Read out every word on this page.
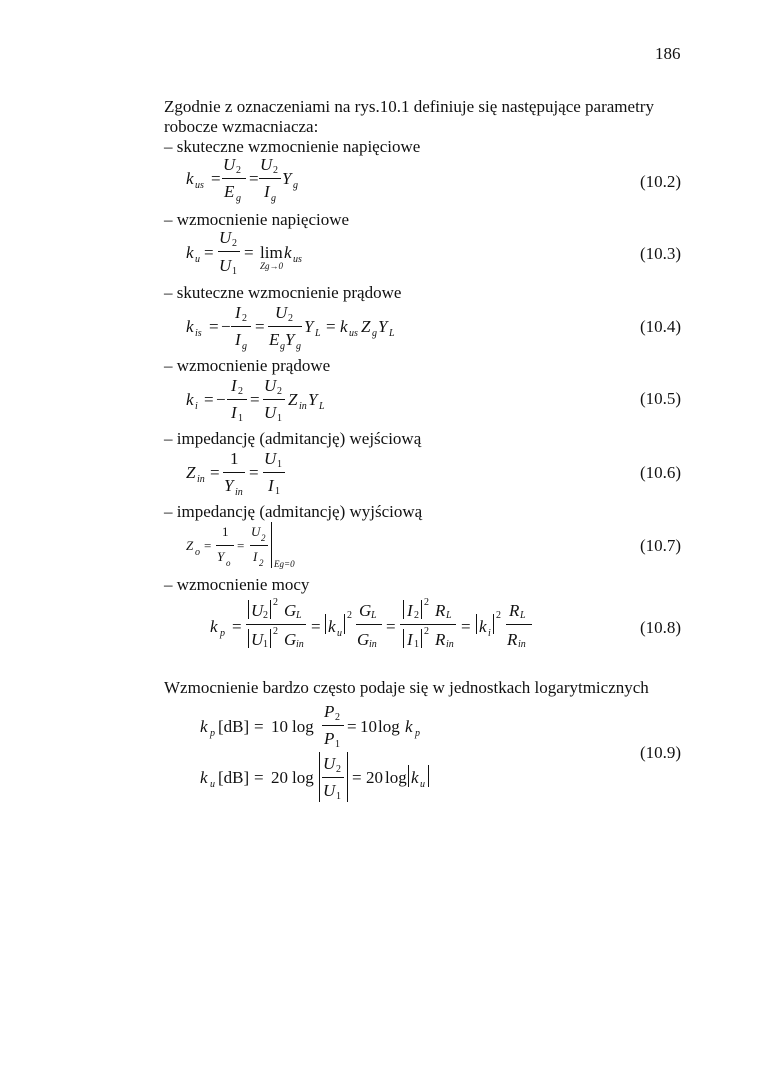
186
Zgodnie z oznaczeniami na rys.10.1 definiuje się następujące parametry
robocze wzmacniacza:
– skuteczne wzmocnienie napięciowe
– wzmocnienie napięciowe
– skuteczne wzmocnienie prądowe
– wzmocnienie prądowe
– impedancję (admitancję) wejściową
– impedancję (admitancję) wyjściową
– wzmocnienie mocy
(10.2)
(10.3)
(10.4)
(10.5)
(10.6)
(10.7)
(10.8)
k us =
U 2
E g
=
U 2
I g
Y g
k u =
U 2
U 1
= lim
Zg→0
k us
k is = −
I 2
I g
=
U 2
E g Y g
Y L = k us Z g Y L
k i = −
I 2
I 1
=
U 2
U 1
Z in Y L
Z in =
1
Y in
=
U 1
I 1
Z o =
1
Y o
=
U 2
I 2 Eg=0
k p =
U 2
2 G L
U 1
2 G in
= k u
2 G L
G in
=
I 2
2 R L
I 1
2 R in
= k i
2 R L
R in
Wzmocnienie bardzo często podaje się w jednostkach logarytmicznych
(10.9)
k p [dB] = 10 log
P 2
P 1
= 10 log k p
k u [dB] = 20 log
U 2
U 1
= 20 log k u
